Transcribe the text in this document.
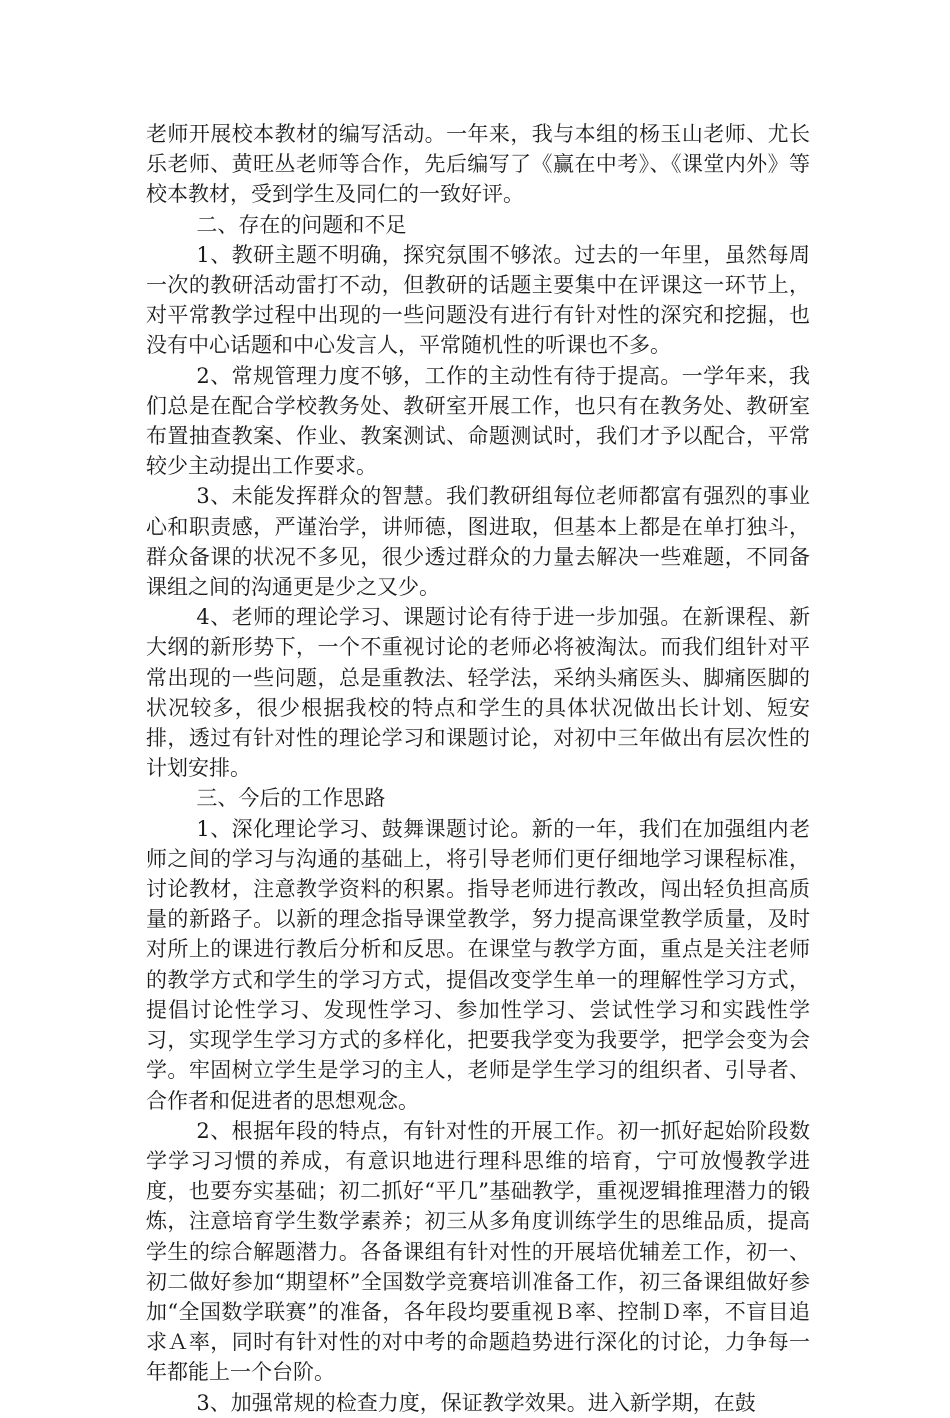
老师开展校本教材的编写活动。一年来，我与本组的杨玉山老师、尤长乐老师、黄旺丛老师等合作，先后编写了《赢在中考》、《课堂内外》等校本教材，受到学生及同仁的一致好评。

二、存在的问题和不足

1、教研主题不明确，探究氛围不够浓。过去的一年里，虽然每周一次的教研活动雷打不动，但教研的话题主要集中在评课这一环节上，对平常教学过程中出现的一些问题没有进行有针对性的深究和挖掘，也没有中心话题和中心发言人，平常随机性的听课也不多。

2、常规管理力度不够，工作的主动性有待于提高。一学年来，我们总是在配合学校教务处、教研室开展工作，也只有在教务处、教研室布置抽查教案、作业、教案测试、命题测试时，我们才予以配合，平常较少主动提出工作要求。

3、未能发挥群众的智慧。我们教研组每位老师都富有强烈的事业心和职责感，严谨治学，讲师德，图进取，但基本上都是在单打独斗，群众备课的状况不多见，很少透过群众的力量去解决一些难题，不同备课组之间的沟通更是少之又少。

4、老师的理论学习、课题讨论有待于进一步加强。在新课程、新大纲的新形势下，一个不重视讨论的老师必将被淘汰。而我们组针对平常出现的一些问题，总是重教法、轻学法，采纳头痛医头、脚痛医脚的状况较多，很少根据我校的特点和学生的具体状况做出长计划、短安排，透过有针对性的理论学习和课题讨论，对初中三年做出有层次性的计划安排。

三、今后的工作思路

1、深化理论学习、鼓舞课题讨论。新的一年，我们在加强组内老师之间的学习与沟通的基础上，将引导老师们更仔细地学习课程标准，讨论教材，注意教学资料的积累。指导老师进行教改，闯出轻负担高质量的新路子。以新的理念指导课堂教学，努力提高课堂教学质量，及时对所上的课进行教后分析和反思。在课堂与教学方面，重点是关注老师的教学方式和学生的学习方式，提倡改变学生单一的理解性学习方式，提倡讨论性学习、发现性学习、参加性学习、尝试性学习和实践性学习，实现学生学习方式的多样化，把要我学变为我要学，把学会变为会学。牢固树立学生是学习的主人，老师是学生学习的组织者、引导者、合作者和促进者的思想观念。

2、根据年段的特点，有针对性的开展工作。初一抓好起始阶段数学学习习惯的养成，有意识地进行理科思维的培育，宁可放慢教学进度，也要夯实基础；初二抓好“平几”基础教学，重视逻辑推理潜力的锻炼，注意培育学生数学素养；初三从多角度训练学生的思维品质，提高学生的综合解题潜力。各备课组有针对性的开展培优辅差工作，初一、初二做好参加“期望杯”全国数学竞赛培训准备工作，初三备课组做好参加“全国数学联赛”的准备，各年段均要重视Ｂ率、控制Ｄ率，不盲目追求Ａ率，同时有针对性的对中考的命题趋势进行深化的讨论，力争每一年都能上一个台阶。

3、加强常规的检查力度，保证教学效果。进入新学期，在鼓
